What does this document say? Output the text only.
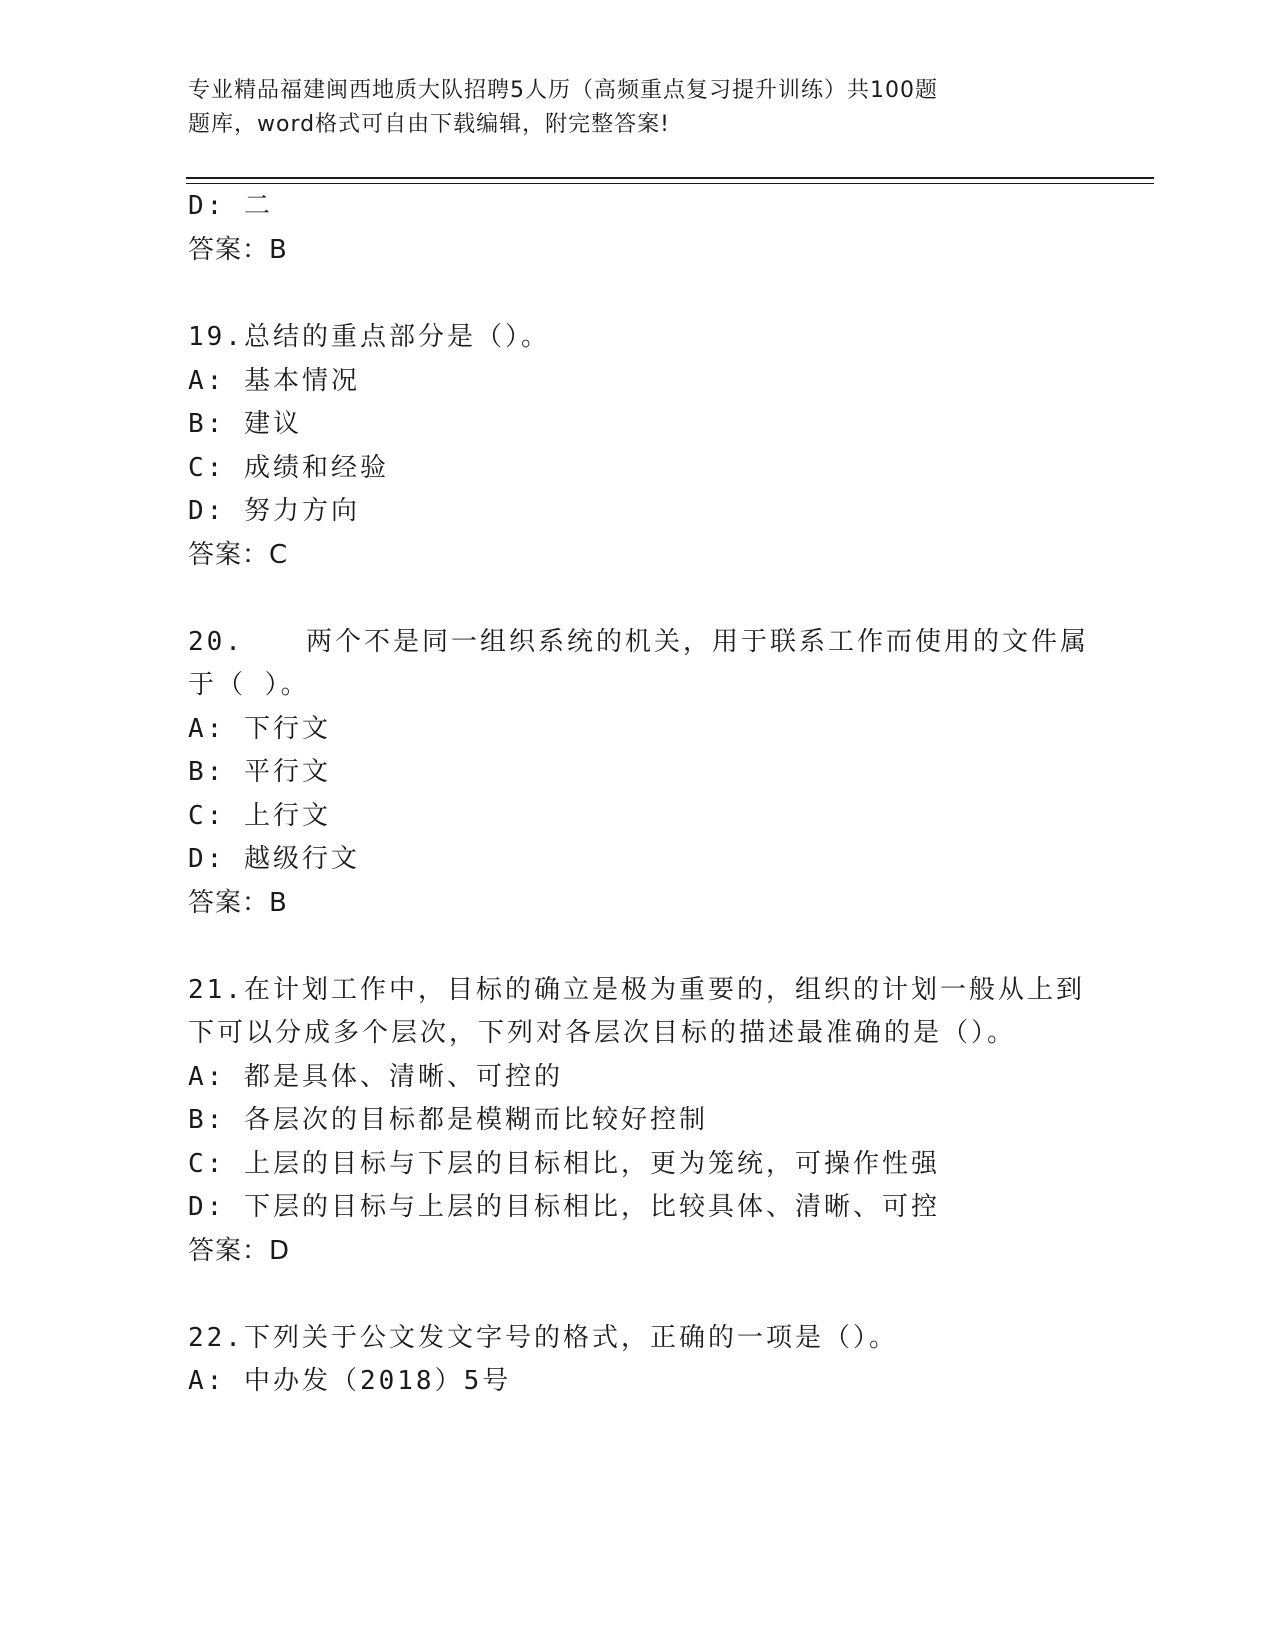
专业精品福建闽西地质大队招聘5人历（高频重点复习提升训练）共100题
题库，word格式可自由下载编辑，附完整答案!
D: 二
答案：B
19.总结的重点部分是（）。
A: 基本情况
B: 建议
C: 成绩和经验
D: 努力方向
答案：C
20. 两个不是同一组织系统的机关，用于联系工作而使用的文件属
于（ ）。
A: 下行文
B: 平行文
C: 上行文
D: 越级行文
答案：B
21.在计划工作中，目标的确立是极为重要的，组织的计划一般从上到
下可以分成多个层次，下列对各层次目标的描述最准确的是（）。
A: 都是具体、清晰、可控的
B: 各层次的目标都是模糊而比较好控制
C: 上层的目标与下层的目标相比，更为笼统，可操作性强
D: 下层的目标与上层的目标相比，比较具体、清晰、可控
答案：D
22.下列关于公文发文字号的格式，正确的一项是（）。
A: 中办发（2018）5号
